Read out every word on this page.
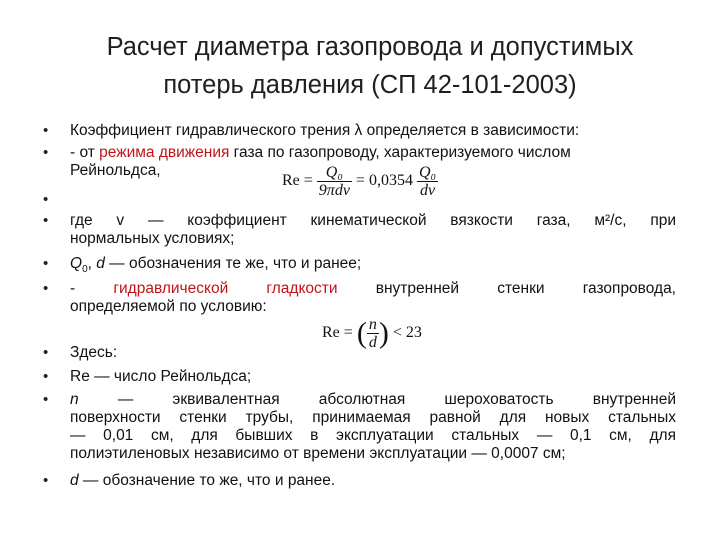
Расчет диаметра газопровода и допустимых
потерь давления (СП 42-101-2003)
• Коэффициент гидравлического трения λ определяется в зависимости:
• - от режима движения газа по газопроводу, характеризуемого числом
Рейнольдса,
•
• где v — коэффициент кинематической вязкости газа, м²/с, при
нормальных условиях;
• $Q_0$, d — обозначения те же, что и ранее;
• - гидравлической гладкости внутренней стенки газопровода,
определяемой по условию:
• Здесь:
• Re — число Рейнольдса;
• n	— эквивалентная абсолютная шероховатость внутренней
поверхности стенки трубы, принимаемая равной для новых стальных
— 0,01 см, для бывших в эксплуатации стальных — 0,1 см, для
полиэтиленовых независимо от времени эксплуатации — 0,0007 см;
• d — обозначение то же, что и ранее.
$Re = \frac{\text{Q₀}}{\text{9πdv}} = 0,0354 \frac{\text{Q₀}}{dv}$
Re = ( $\frac{n}{d}$ ) < 23
